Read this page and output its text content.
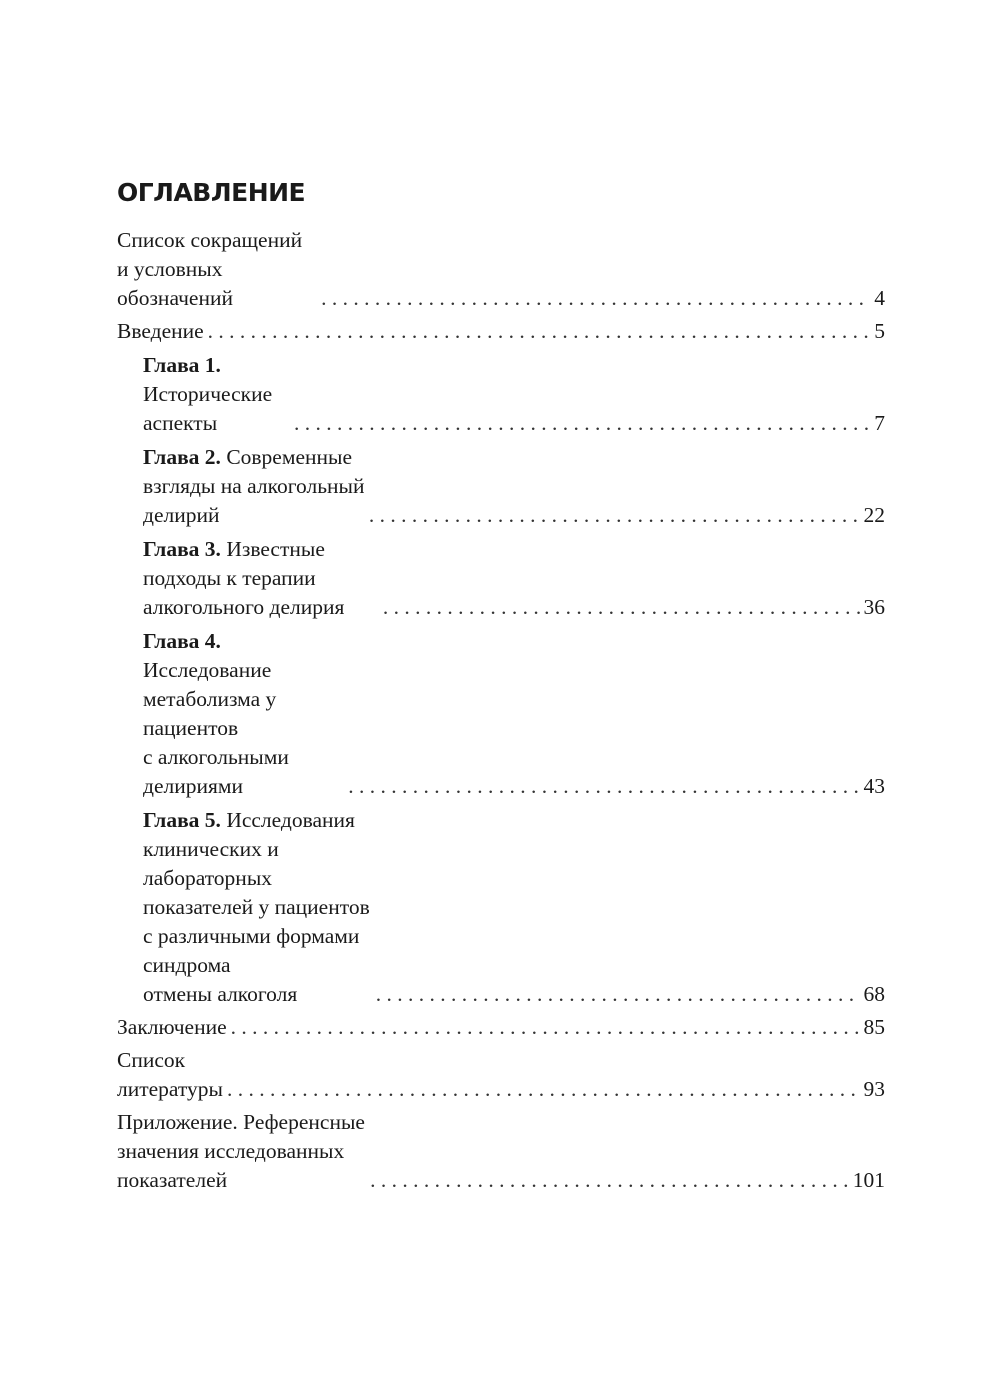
ОГЛАВЛЕНИЕ
Список сокращений и условных обозначений . . .	4
Введение . . .	5
Глава 1. Исторические аспекты . . .	7
Глава 2. Современные взгляды на алкогольный делирий . . .	22
Глава 3. Известные подходы к терапии алкогольного делирия . . .	36
Глава 4. Исследование метаболизма у пациентов
с алкогольными делириями . . .	43
Глава 5. Исследования клинических и лабораторных
показателей у пациентов с различными формами синдрома
отмены алкоголя . . .	68
Заключение . . .	85
Список литературы . . .	93
Приложение. Референсные значения исследованных показателей . . .	101
